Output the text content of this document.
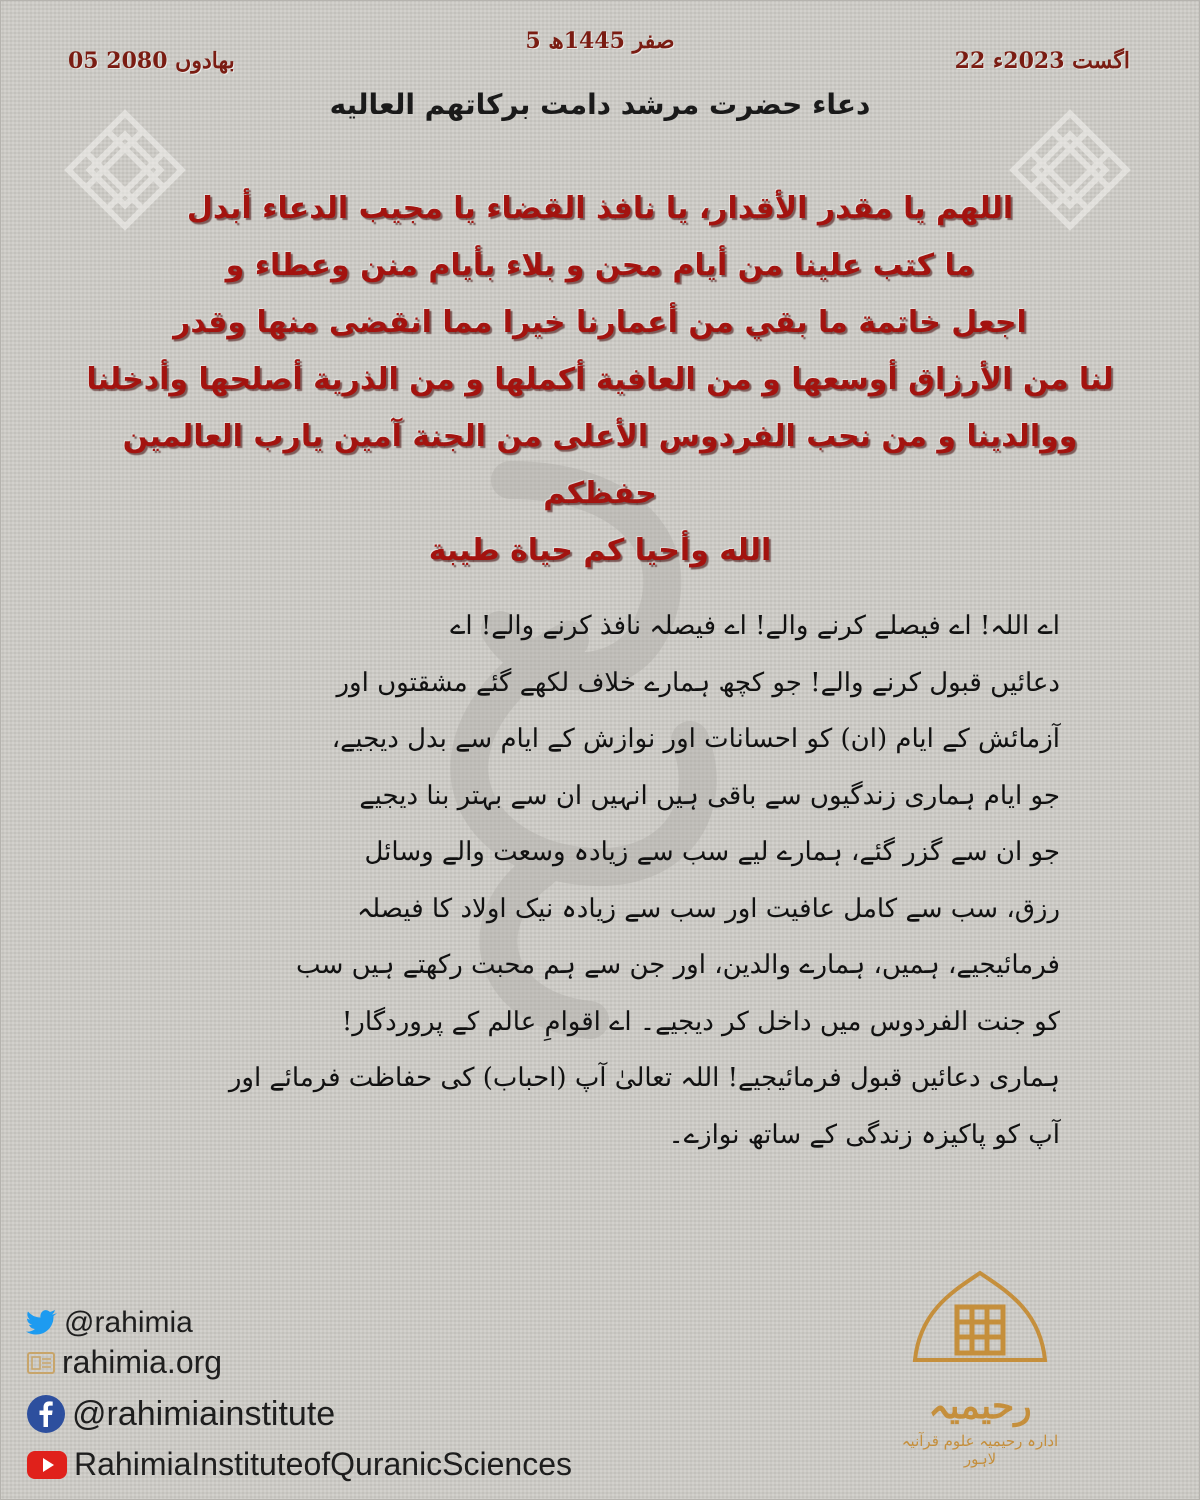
5 صفر 1445ھ
22 اگست 2023ء
05 بھادوں 2080
دعاء حضرت مرشد دامت برکاتهم العالیه
اللهم يا مقدر الأقدار، يا نافذ القضاء يا مجيب الدعاء أبدل
ما كتب علينا من أيام محن و بلاء بأيام منن وعطاء و
اجعل خاتمة ما بقي من أعمارنا خيرا مما انقضى منها وقدر
لنا من الأرزاق أوسعها و من العافية أكملها و من الذرية أصلحها وأدخلنا
ووالدينا و من نحب الفردوس الأعلى من الجنة آمين يارب العالمين حفظكم
الله وأحيا كم حياة طيبة
اے اللہ! اے فیصلے کرنے والے! اے فیصلہ نافذ کرنے والے! اے
دعائیں قبول کرنے والے! جو کچھ ہمارے خلاف لکھے گئے مشقتوں اور
آزمائش کے ایام (ان) کو احسانات اور نوازش کے ایام سے بدل دیجیے،
جو ایام ہماری زندگیوں سے باقی ہیں انہیں ان سے بہتر بنا دیجیے
جو ان سے گزر گئے، ہمارے لیے سب سے زیادہ وسعت والے وسائل
رزق، سب سے کامل عافیت اور سب سے زیادہ نیک اولاد کا فیصلہ
فرمائیجیے، ہمیں، ہمارے والدین، اور جن سے ہم محبت رکھتے ہیں سب
کو جنت الفردوس میں داخل کر دیجیے۔ اے اقوامِ عالم کے پروردگار!
ہماری دعائیں قبول فرمائیجیے! اللہ تعالیٰ آپ (احباب) کی حفاظت فرمائے اور
آپ کو پاکیزہ زندگی کے ساتھ نوازے۔
@rahimia
rahimia.org
@rahimiainstitute
RahimiaInstituteofQuranicSciences
رحیمیہ
ادارہ رحیمیہ علوم قرآنیہ لاہور
